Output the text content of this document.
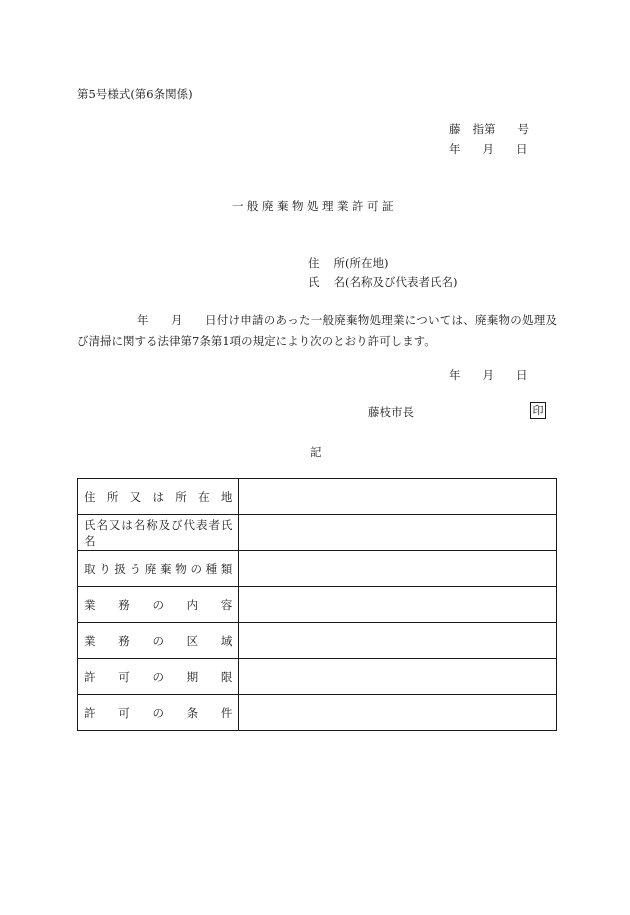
第5号様式(第6条関係)
藤 指第 号
年 月 日
一般廃棄物処理業許可証
住 所(所在地)
氏 名(名称及び代表者氏名)
年 月 日付け申請のあった一般廃棄物処理業については、廃棄物の処理及び清掃に関する法律第7条第1項の規定により次のとおり許可します。
年 月 日
藤枝市長	印
記
住所又は所在地	
氏名又は名称及び代表者氏名	
取り扱う廃棄物の種類	
業務の内容	
業務の区域	
許可の期限	
許可の条件	
